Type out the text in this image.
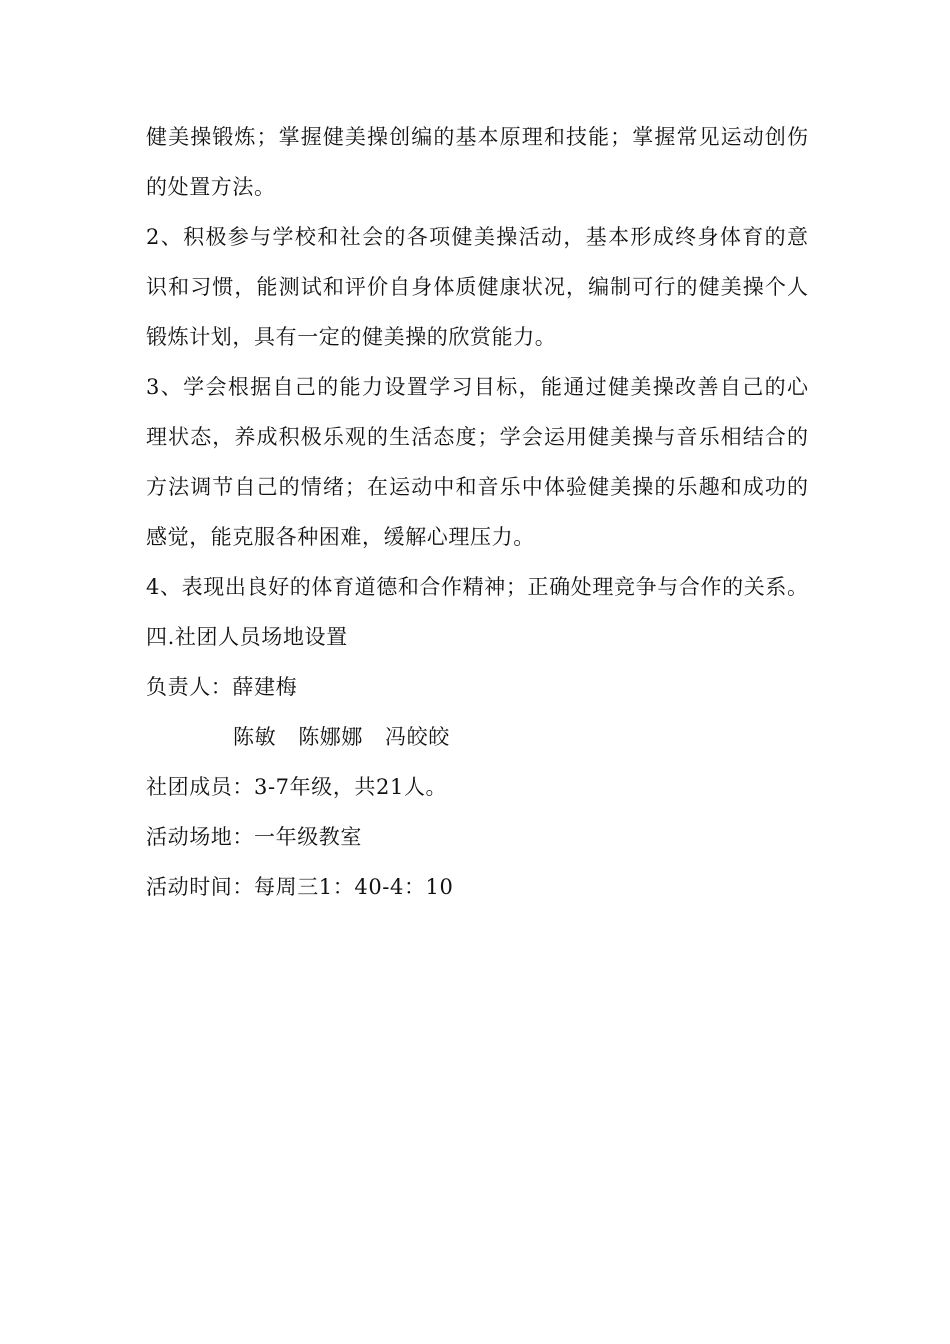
健美操锻炼；掌握健美操创编的基本原理和技能；掌握常见运动创伤
的处置方法。
2、积极参与学校和社会的各项健美操活动，基本形成终身体育的意
识和习惯，能测试和评价自身体质健康状况，编制可行的健美操个人
锻炼计划，具有一定的健美操的欣赏能力。
3、学会根据自己的能力设置学习目标，能通过健美操改善自己的心
理状态，养成积极乐观的生活态度；学会运用健美操与音乐相结合的
方法调节自己的情绪；在运动中和音乐中体验健美操的乐趣和成功的
感觉，能克服各种困难，缓解心理压力。
4、表现出良好的体育道德和合作精神；正确处理竞争与合作的关系。
四.社团人员场地设置
负责人：薛建梅
陈敏 陈娜娜 冯皎皎
社团成员：3-7年级，共21人。
活动场地：一年级教室
活动时间：每周三1：40-4：10
